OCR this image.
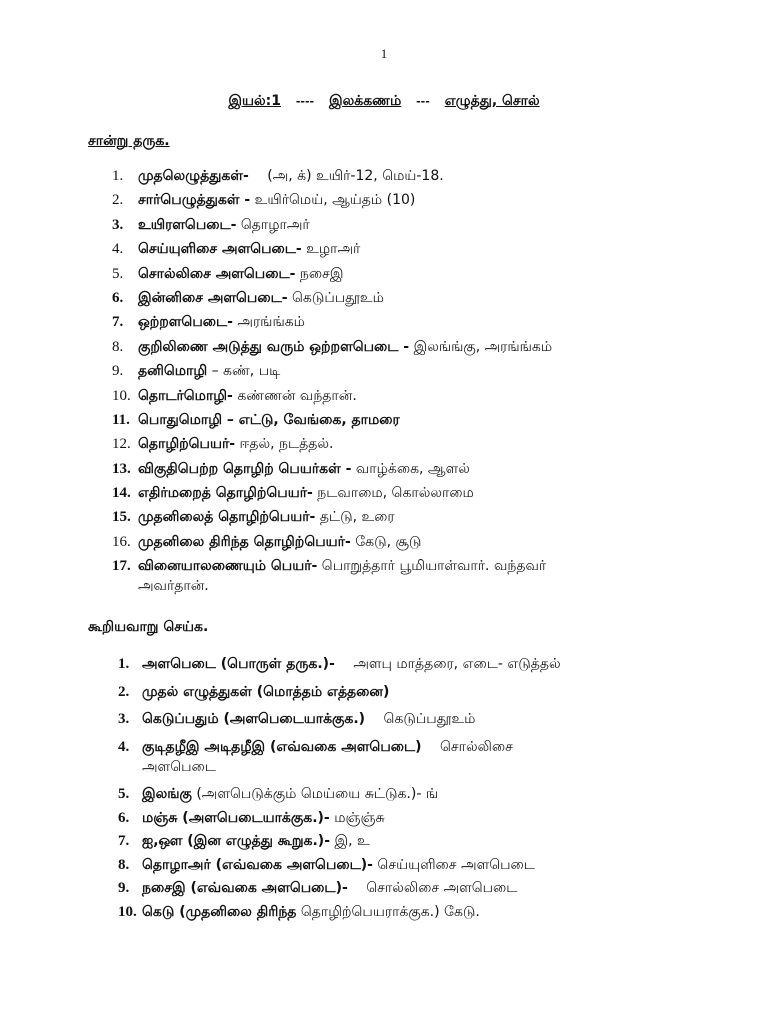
1
இயல்:1 ---- இலக்கணம் --- எழுத்து, சொல்
சான்று தருக.
1. முதலெழுத்துகள்- (அ, க்) உயிர்-12, மெய்-18.
2. சார்பெழுத்துகள் - உயிர்மெய், ஆய்தம் (10)
3. உயிரளபெடை- தொழாஅர்
4. செய்யுளிசை அளபெடை- உழாஅர்
5. சொல்லிசை அளபெடை- நசைஇ
6. இன்னிசை அளபெடை- கெடுப்பதூஉம்
7. ஒற்றளபெடை- அரங்ங்கம்
8. குறிலிணை அடுத்து வரும் ஒற்றளபெடை - இலங்ங்கு, அரங்ங்கம்
9. தனிமொழி – கண், படி
10. தொடர்மொழி- கண்ணன் வந்தான்.
11. பொதுமொழி – எட்டு, வேங்கை, தாமரை
12. தொழிற்பெயர்- ஈதல், நடத்தல்.
13. விகுதிபெற்ற தொழிற் பெயர்கள் - வாழ்க்கை, ஆளல்
14. எதிர்மறைத் தொழிற்பெயர்- நடவாமை, கொல்லாமை
15. முதனிலைத் தொழிற்பெயர்- தட்டு, உரை
16. முதனிலை திரிந்த தொழிற்பெயர்- கேடு, சூடு
17. வினையாலணையும் பெயர்- பொறுத்தார் பூமியாள்வார். வந்தவர்
அவர்தான்.
கூறியவாறு செய்க.
1. அளபெடை (பொருள் தருக.)- அளபு மாத்தரை, எடை- எடுத்தல்
2. முதல் எழுத்துகள் (மொத்தம் எத்தனை)
3. கெடுப்பதும் (அளபெடையாக்குக.) கெடுப்பதூஉம்
4. குடிதழீஇ அடிதழீஇ (எவ்வகை அளபெடை) சொல்லிசை
அளபெடை
5. இலங்கு (அளபெடுக்கும் மெய்யை சுட்டுக.)- ங்
6. மஞ்சு (அளபெடையாக்குக.)- மஞ்ஞ்சு
7. ஐ,ஔ (இன எழுத்து கூறுக.)- இ, உ
8. தொழாஅர் (எவ்வகை அளபெடை)- செய்யுளிசை அளபெடை
9. நசைஇ (எவ்வகை அளபெடை)- சொல்லிசை அளபெடை
10. கெடு (முதனிலை திரிந்த தொழிற்பெயராக்குக.) கேடு.
